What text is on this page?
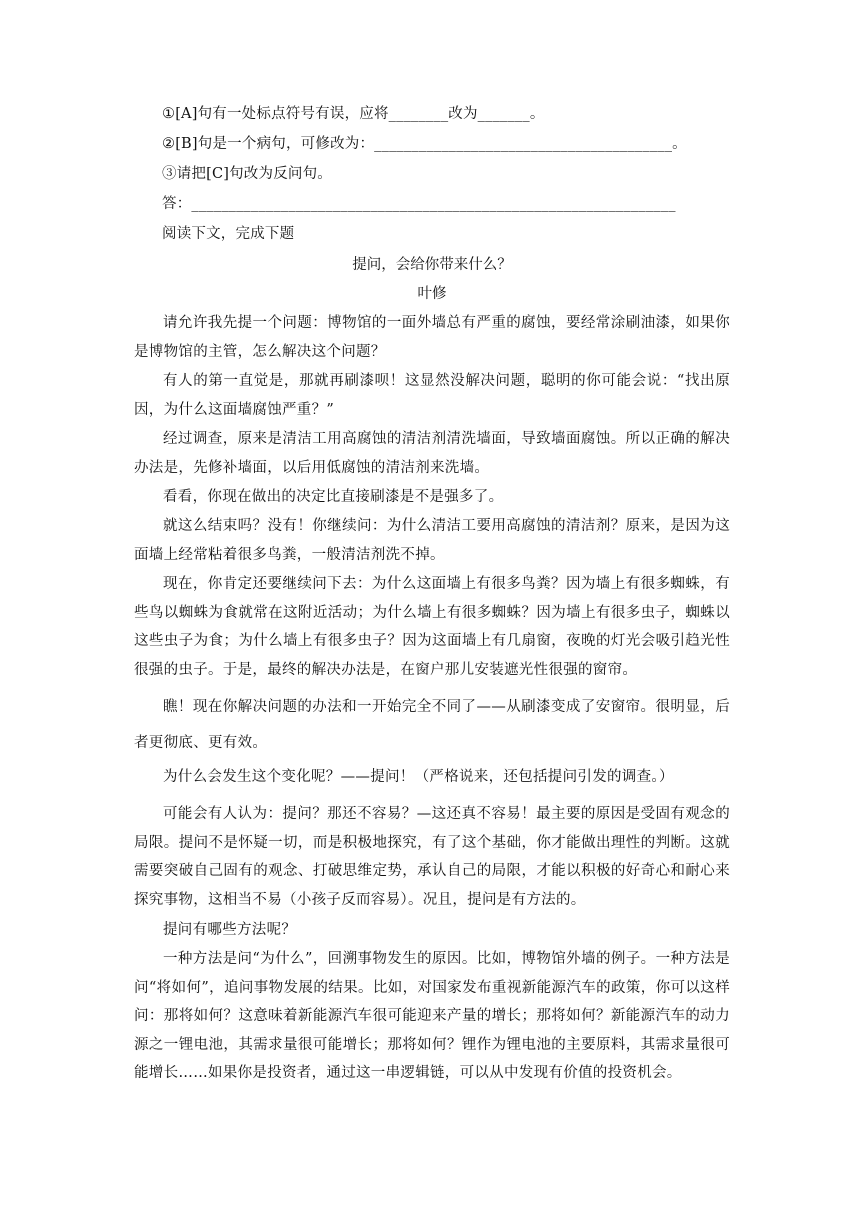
①[A]句有一处标点符号有误，应将________改为_______。
②[B]句是一个病句，可修改为：________________________________________。
③请把[C]句改为反问句。
答：_________________________________________________________________
阅读下文，完成下题
提问，会给你带来什么？
叶修
请允许我先提一个问题：博物馆的一面外墙总有严重的腐蚀，要经常涂刷油漆，如果你是博物馆的主管，怎么解决这个问题？
有人的第一直觉是，那就再刷漆呗！这显然没解决问题，聪明的你可能会说：“找出原因，为什么这面墙腐蚀严重？”
经过调查，原来是清洁工用高腐蚀的清洁剂清洗墙面，导致墙面腐蚀。所以正确的解决办法是，先修补墙面，以后用低腐蚀的清洁剂来洗墙。
看看，你现在做出的决定比直接刷漆是不是强多了。
就这么结束吗？没有！你继续问：为什么清洁工要用高腐蚀的清洁剂？原来，是因为这面墙上经常粘着很多鸟粪，一般清洁剂洗不掉。
现在，你肯定还要继续问下去：为什么这面墙上有很多鸟粪？因为墙上有很多蜘蛛，有些鸟以蜘蛛为食就常在这附近活动；为什么墙上有很多蜘蛛？因为墙上有很多虫子，蜘蛛以这些虫子为食；为什么墙上有很多虫子？因为这面墙上有几扇窗，夜晚的灯光会吸引趋光性很强的虫子。于是，最终的解决办法是，在窗户那儿安装遮光性很强的窗帘。
瞧！现在你解决问题的办法和一开始完全不同了——从刷漆变成了安窗帘。很明显，后者更彻底、更有效。
为什么会发生这个变化呢？——提问！（严格说来，还包括提问引发的调查。）
可能会有人认为：提问？那还不容易？—这还真不容易！最主要的原因是受固有观念的局限。提问不是怀疑一切，而是积极地探究，有了这个基础，你才能做出理性的判断。这就需要突破自己固有的观念、打破思维定势，承认自己的局限，才能以积极的好奇心和耐心来探究事物，这相当不易（小孩子反而容易）。况且，提问是有方法的。
提问有哪些方法呢？
一种方法是问“为什么”，回溯事物发生的原因。比如，博物馆外墙的例子。一种方法是问“将如何”，追问事物发展的结果。比如，对国家发布重视新能源汽车的政策，你可以这样问：那将如何？这意味着新能源汽车很可能迎来产量的增长；那将如何？新能源汽车的动力源之一锂电池，其需求量很可能增长；那将如何？锂作为锂电池的主要原料，其需求量很可能增长……如果你是投资者，通过这一串逻辑链，可以从中发现有价值的投资机会。
